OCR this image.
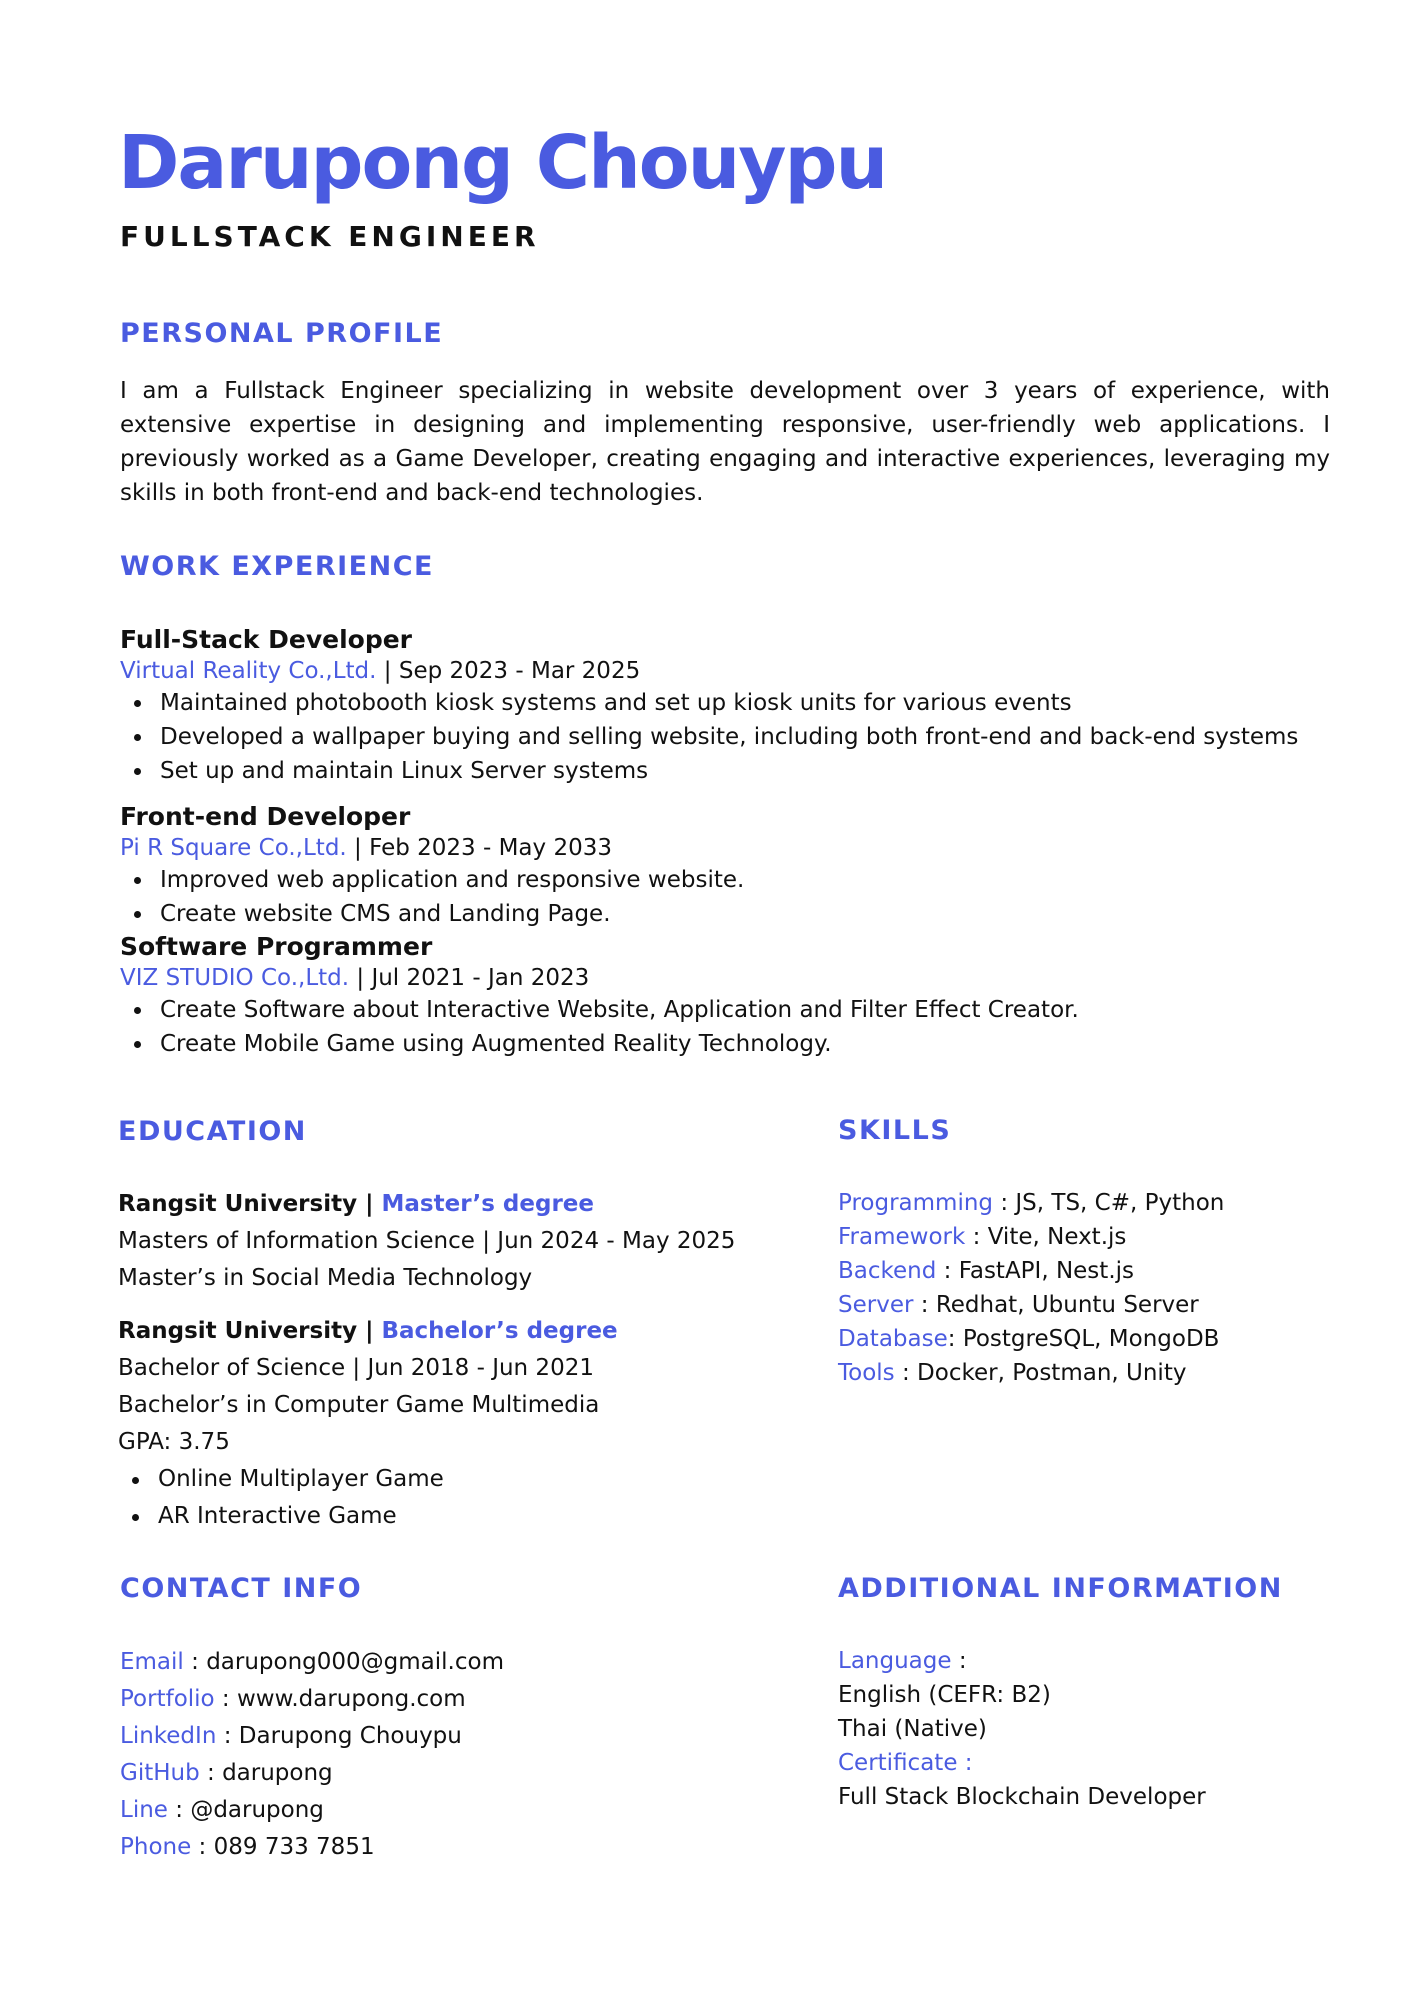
Darupong Chouypu
FULLSTACK ENGINEER
PERSONAL PROFILE

I am a Fullstack Engineer specializing in website development over 3 years of experience, with extensive expertise in designing and implementing responsive, user-friendly web applications. I previously worked as a Game Developer, creating engaging and interactive experiences, leveraging my skills in both front-end and back-end technologies.

WORK EXPERIENCE
Full-Stack Developer
Virtual Reality Co.,Ltd. | Sep 2023 - Mar 2025
Maintained photobooth kiosk systems and set up kiosk units for various events
Developed a wallpaper buying and selling website, including both front-end and back-end systems
Set up and maintain Linux Server systems
Front-end Developer
Pi R Square Co.,Ltd. | Feb 2023 - May 2033
Improved web application and responsive website.
Create website CMS and Landing Page.
Software Programmer
VIZ STUDIO Co.,Ltd. | Jul 2021 - Jan 2023
Create Software about Interactive Website, Application and Filter Effect Creator.
Create Mobile Game using Augmented Reality Technology.
EDUCATION
Rangsit University | Master’s degree
Masters of Information Science | Jun 2024 - May 2025
Master’s in Social Media Technology
Rangsit University | Bachelor’s degree
Bachelor of Science | Jun 2018 - Jun 2021
Bachelor’s in Computer Game Multimedia
GPA: 3.75
Online Multiplayer Game
AR Interactive Game
SKILLS
Programming : JS, TS, C#, Python
Framework : Vite, Next.js
Backend : FastAPI, Nest.js
Server : Redhat, Ubuntu Server
Database: PostgreSQL, MongoDB
Tools : Docker, Postman, Unity
CONTACT INFO
Email : darupong000@gmail.com
Portfolio : www.darupong.com
LinkedIn : Darupong Chouypu
GitHub : darupong
Line : @darupong
Phone : 089 733 7851
ADDITIONAL INFORMATION
Language :
English (CEFR: B2)
Thai (Native)
Certificate :
Full Stack Blockchain Developer
